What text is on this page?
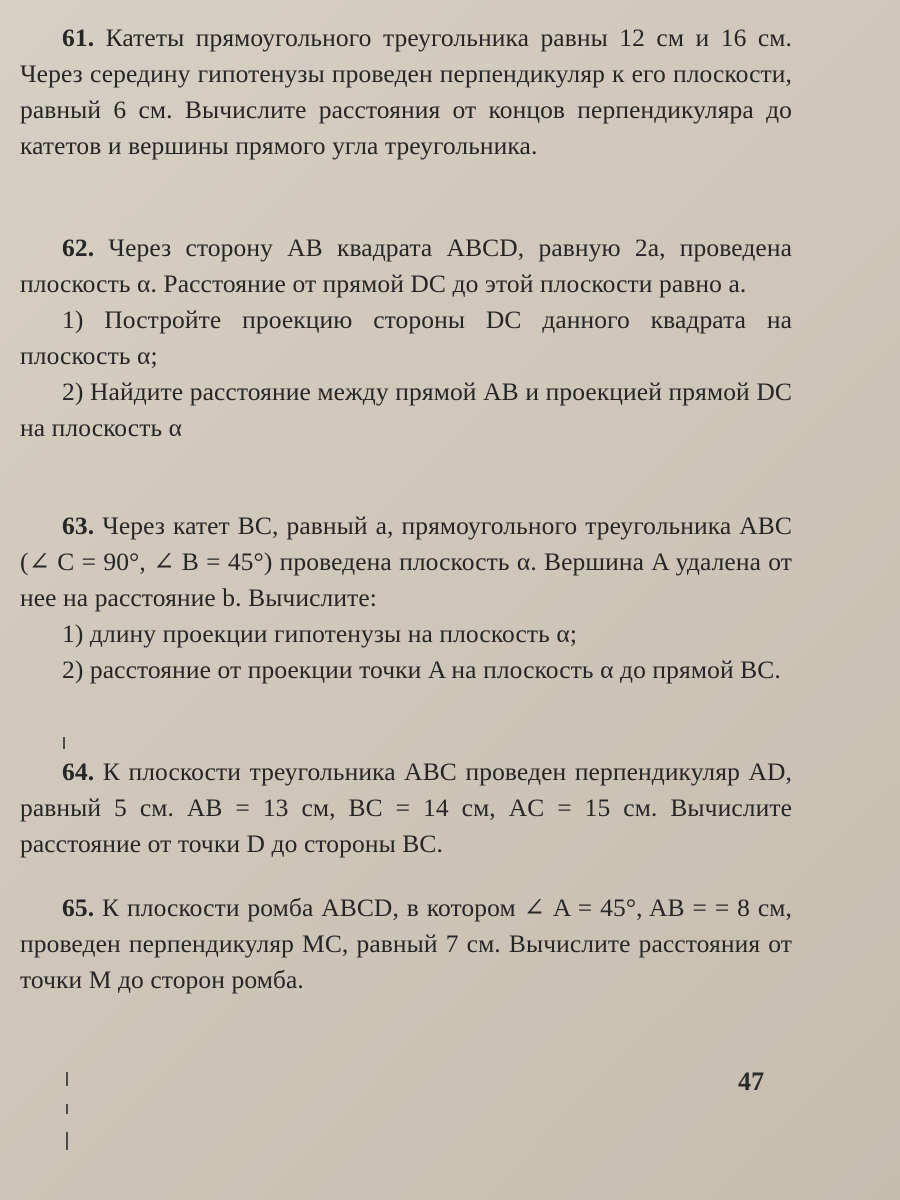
61. Катеты прямоугольного треугольника равны 12 см и 16 см. Через середину гипотенузы проведен перпендикуляр к его плоскости, равный 6 см. Вычислите расстояния от концов перпендикуляра до катетов и вершины прямого угла треугольника.

62. Через сторону AB квадрата ABCD, равную 2a, проведена плоскость α. Расстояние от прямой DC до этой плоскости равно a.

1) Постройте проекцию стороны DC данного квадрата на плоскость α;

2) Найдите расстояние между прямой AB и проекцией прямой DC на плоскость α

63. Через катет BC, равный a, прямоугольного треугольника ABC (∠ C = 90°, ∠ B = 45°) проведена плоскость α. Вершина A удалена от нее на расстояние b. Вычислите:

1) длину проекции гипотенузы на плоскость α;

2) расстояние от проекции точки A на плоскость α до прямой BC.

64. К плоскости треугольника ABC проведен перпендикуляр AD, равный 5 см. AB = 13 см, BC = 14 см, AC = 15 см. Вычислите расстояние от точки D до стороны BC.

65. К плоскости ромба ABCD, в котором ∠ A = 45°, AB = = 8 см, проведен перпендикуляр MC, равный 7 см. Вычислите расстояния от точки M до сторон ромба.

47
